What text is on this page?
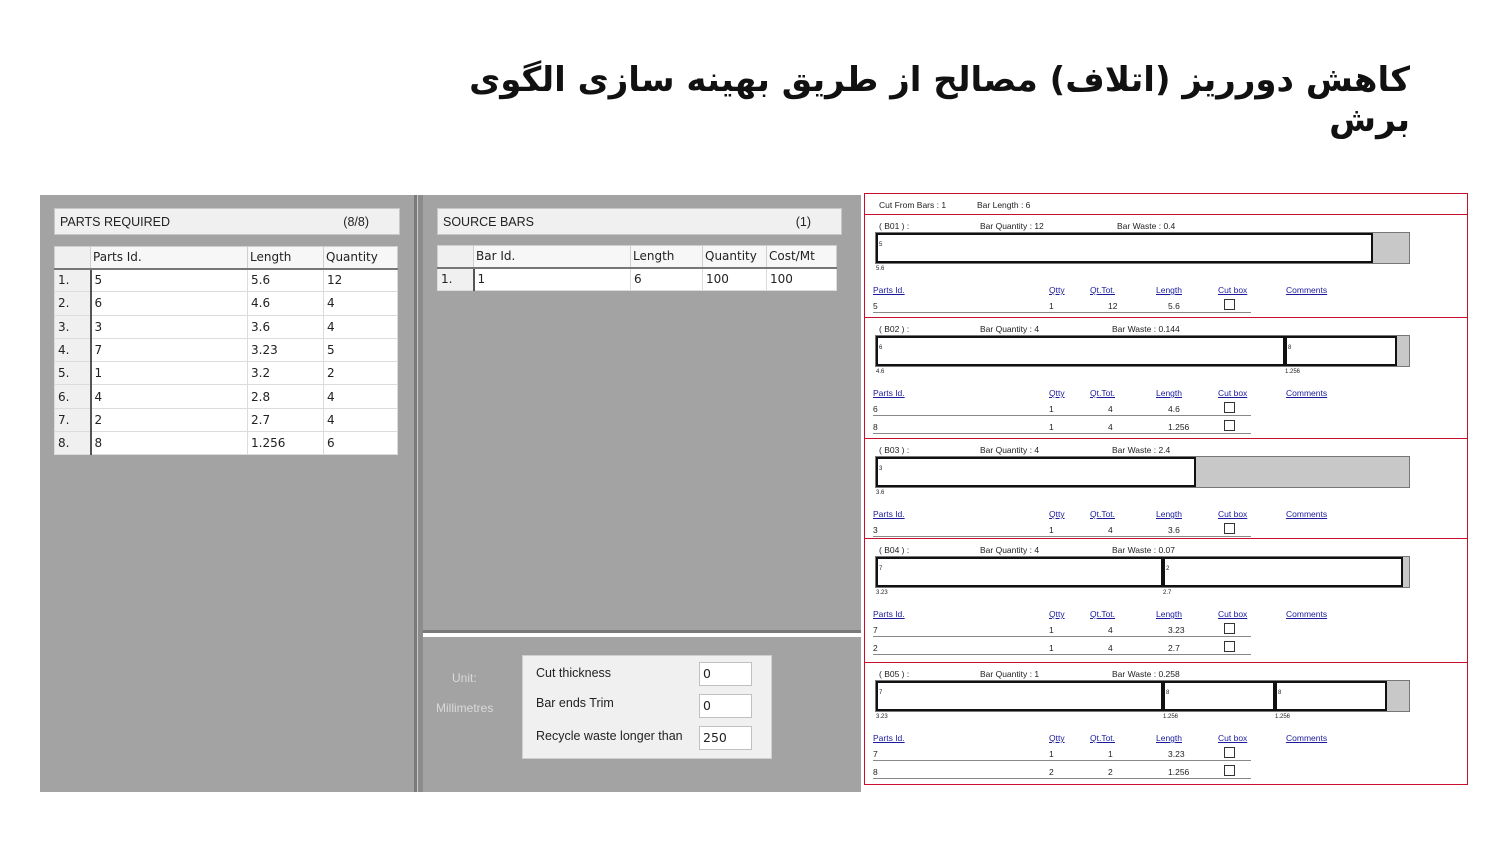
کاهش دورریز (اتلاف) مصالح از طریق بهینه سازی الگوی برش
PARTS REQUIRED	(8/8)
	Parts Id.	Length	Quantity
1.	5	5.6	12
2.	6	4.6	4
3.	3	3.6	4
4.	7	3.23	5
5.	1	3.2	2
6.	4	2.8	4
7.	2	2.7	4
8.	8	1.256	6
SOURCE BARS	(1)
	Bar Id.	Length	Quantity	Cost/Mt
1.	1	6	100	100
Unit:
Millimetres
Cut thickness	0
Bar ends Trim	0
Recycle waste longer than	250
Cut From Bars : 1	Bar Length : 6
( B01 ) :	Bar Quantity : 12	Bar Waste : 0.4
5.6
5
Parts Id.	Qtty	Qt.Tot.	Length	Cut box	Comments
5	1	12	5.6
( B02 ) :	Bar Quantity : 4	Bar Waste : 0.144
4.6	1.256
6	8
Parts Id.	Qtty	Qt.Tot.	Length	Cut box	Comments
6	1	4	4.6
8	1	4	1.256
( B03 ) :	Bar Quantity : 4	Bar Waste : 2.4
3.6
3
Parts Id.	Qtty	Qt.Tot.	Length	Cut box	Comments
3	1	4	3.6
( B04 ) :	Bar Quantity : 4	Bar Waste : 0.07
3.23	2.7
7	2
Parts Id.	Qtty	Qt.Tot.	Length	Cut box	Comments
7	1	4	3.23
2	1	4	2.7
( B05 ) :	Bar Quantity : 1	Bar Waste : 0.258
3.23	1.256	1.256
7	8	8
Parts Id.	Qtty	Qt.Tot.	Length	Cut box	Comments
7	1	1	3.23
8	2	2	1.256
